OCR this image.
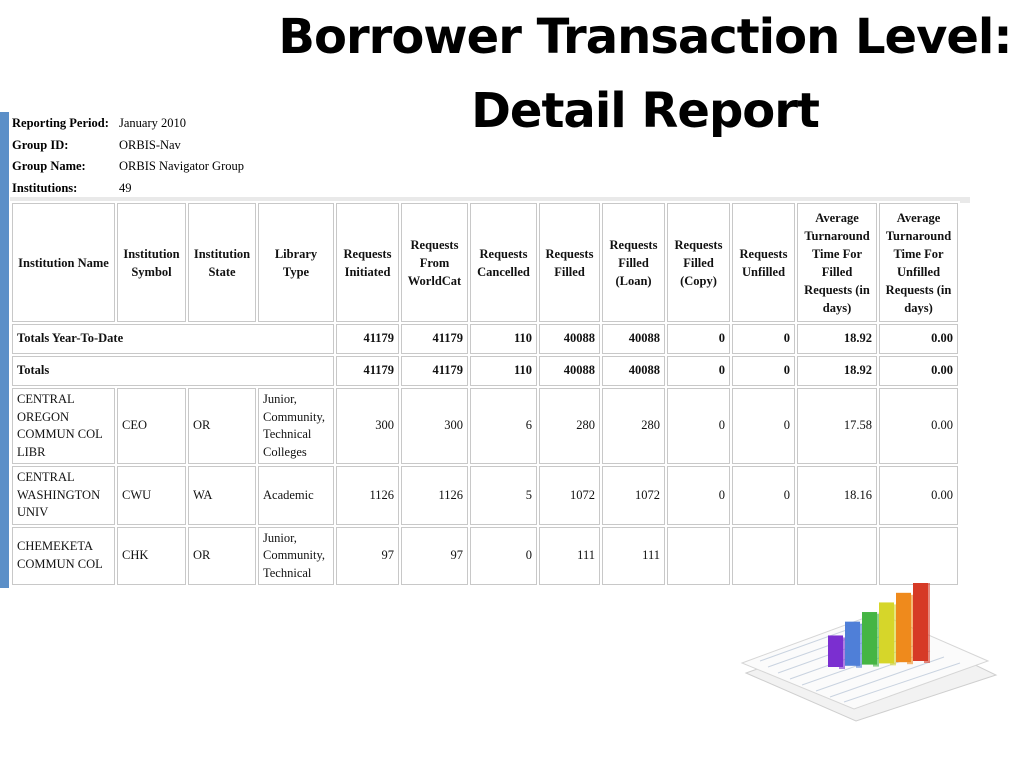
Borrower Transaction Level:
Detail Report
Reporting Period: January 2010
Group ID:	ORBIS-Nav
Group Name:	ORBIS Navigator Group
Institutions:	49
Institution Name	Institution Symbol	Institution State	Library Type	Requests Initiated	Requests From WorldCat	Requests Cancelled	Requests Filled	Requests Filled (Loan)	Requests Filled (Copy)	Requests Unfilled	Average Turnaround Time For Filled Requests (in days)	Average Turnaround Time For Unfilled Requests (in days)
Totals Year-To-Date				41179	41179	110	40088	40088	0	0	18.92	0.00
Totals				41179	41179	110	40088	40088	0	0	18.92	0.00
CENTRAL OREGON COMMUN COL LIBR	CEO	OR	Junior, Community, Technical Colleges	300	300	6	280	280	0	0	17.58	0.00
CENTRAL WASHINGTON UNIV	CWU	WA	Academic	1126	1126	5	1072	1072	0	0	18.16	0.00
CHEMEKETA COMMUN COL	CHK	OR	Junior, Community, Technical	97	97	0	111	111				
